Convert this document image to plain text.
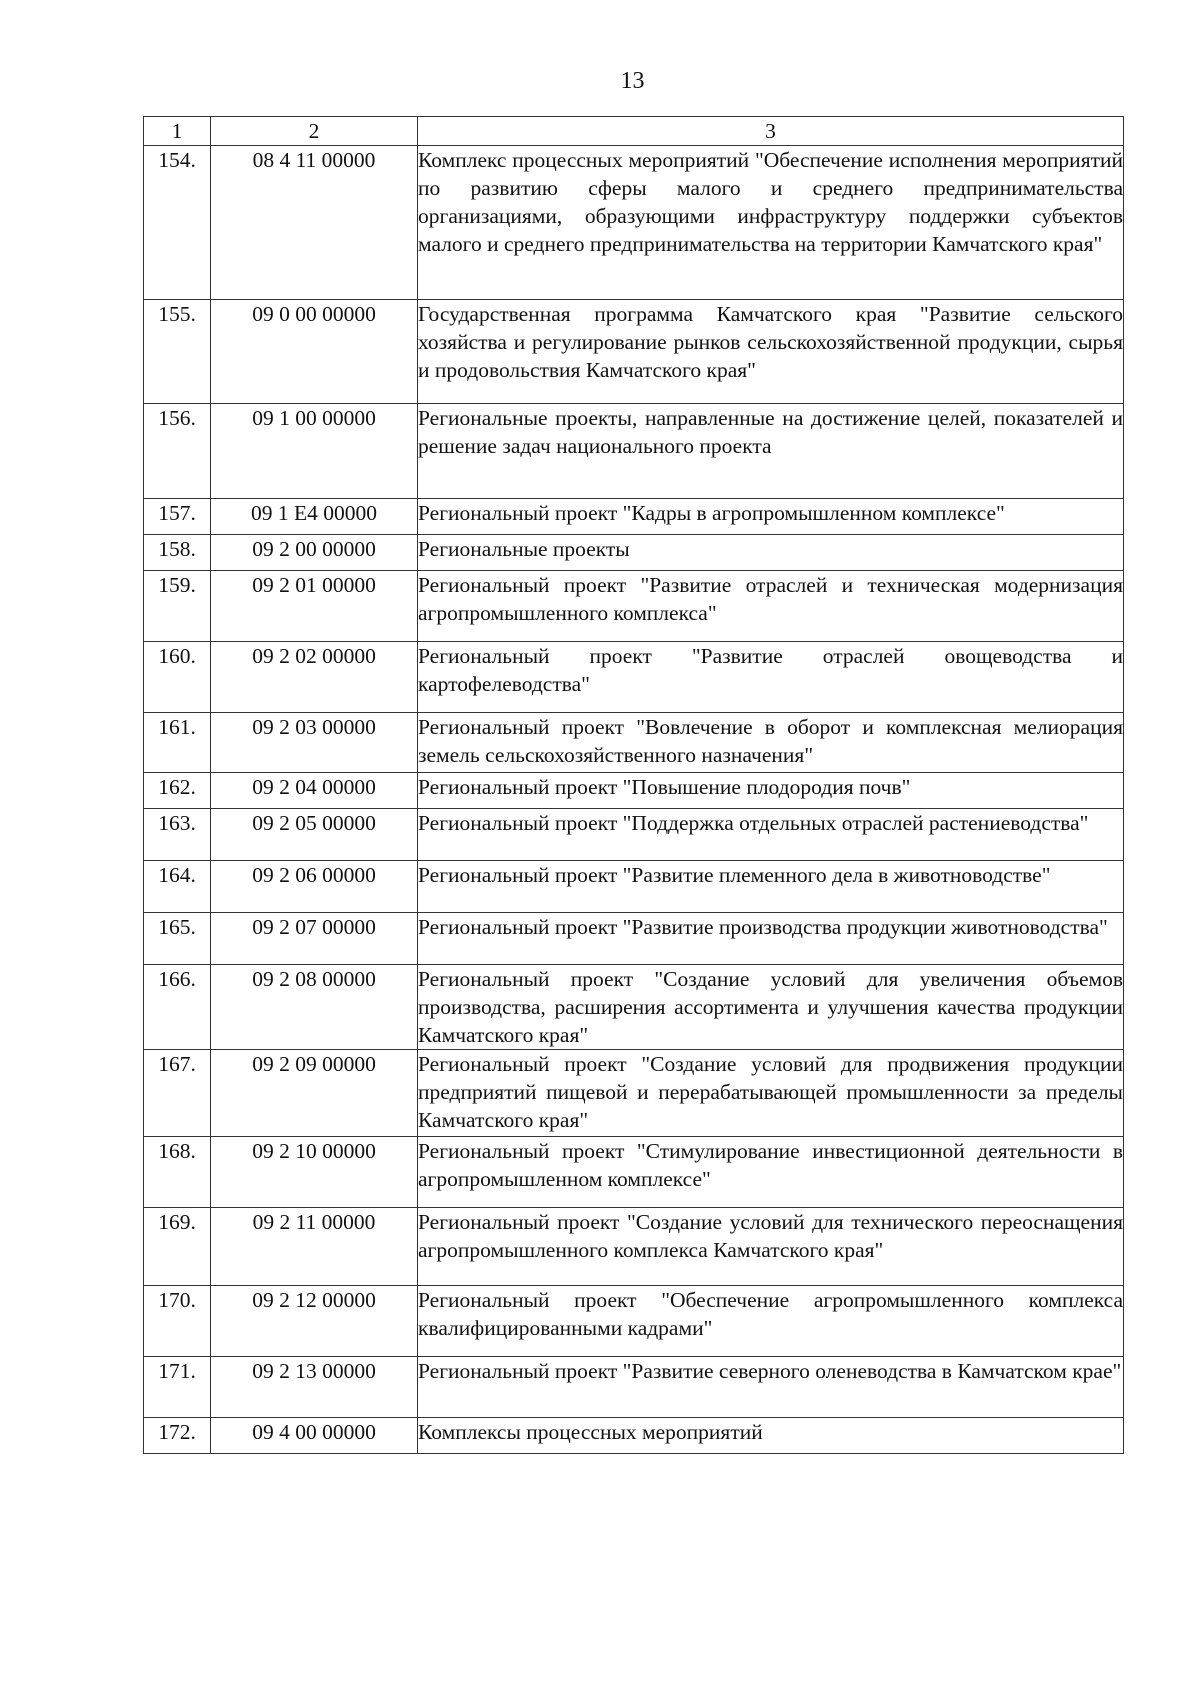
13
1	2	3
154.	08 4 11 00000	Комплекс процессных мероприятий "Обеспечение исполнения мероприятий по развитию сферы малого и среднего предпринимательства организациями, образующими инфраструктуру поддержки субъектов малого и среднего предпринимательства на территории Камчатского края"
155.	09 0 00 00000	Государственная программа Камчатского края "Развитие сельского хозяйства и регулирование рынков сельскохозяйственной продукции, сырья и продовольствия Камчатского края"
156.	09 1 00 00000	Региональные проекты, направленные на достижение целей, показателей и решение задач национального проекта
157.	09 1 Е4 00000	Региональный проект "Кадры в агропромышленном комплексе"
158.	09 2 00 00000	Региональные проекты
159.	09 2 01 00000	Региональный проект "Развитие отраслей и техническая модернизация агропромышленного комплекса"
160.	09 2 02 00000	Региональный проект "Развитие отраслей овощеводства и картофелеводства"
161.	09 2 03 00000	Региональный проект "Вовлечение в оборот и комплексная мелиорация земель сельскохозяйственного назначения"
162.	09 2 04 00000	Региональный проект "Повышение плодородия почв"
163.	09 2 05 00000	Региональный проект "Поддержка отдельных отраслей растениеводства"
164.	09 2 06 00000	Региональный проект "Развитие племенного дела в животноводстве"
165.	09 2 07 00000	Региональный проект "Развитие производства продукции животноводства"
166.	09 2 08 00000	Региональный проект "Создание условий для увеличения объемов производства, расширения ассортимента и улучшения качества продукции Камчатского края"
167.	09 2 09 00000	Региональный проект "Создание условий для продвижения продукции предприятий пищевой и перерабатывающей промышленности за пределы Камчатского края"
168.	09 2 10 00000	Региональный проект "Стимулирование инвестиционной деятельности в агропромышленном комплексе"
169.	09 2 11 00000	Региональный проект "Создание условий для технического переоснащения агропромышленного комплекса Камчатского края"
170.	09 2 12 00000	Региональный проект "Обеспечение агропромышленного комплекса квалифицированными кадрами"
171.	09 2 13 00000	Региональный проект "Развитие северного оленеводства в Камчатском крае"
172.	09 4 00 00000	Комплексы процессных мероприятий
